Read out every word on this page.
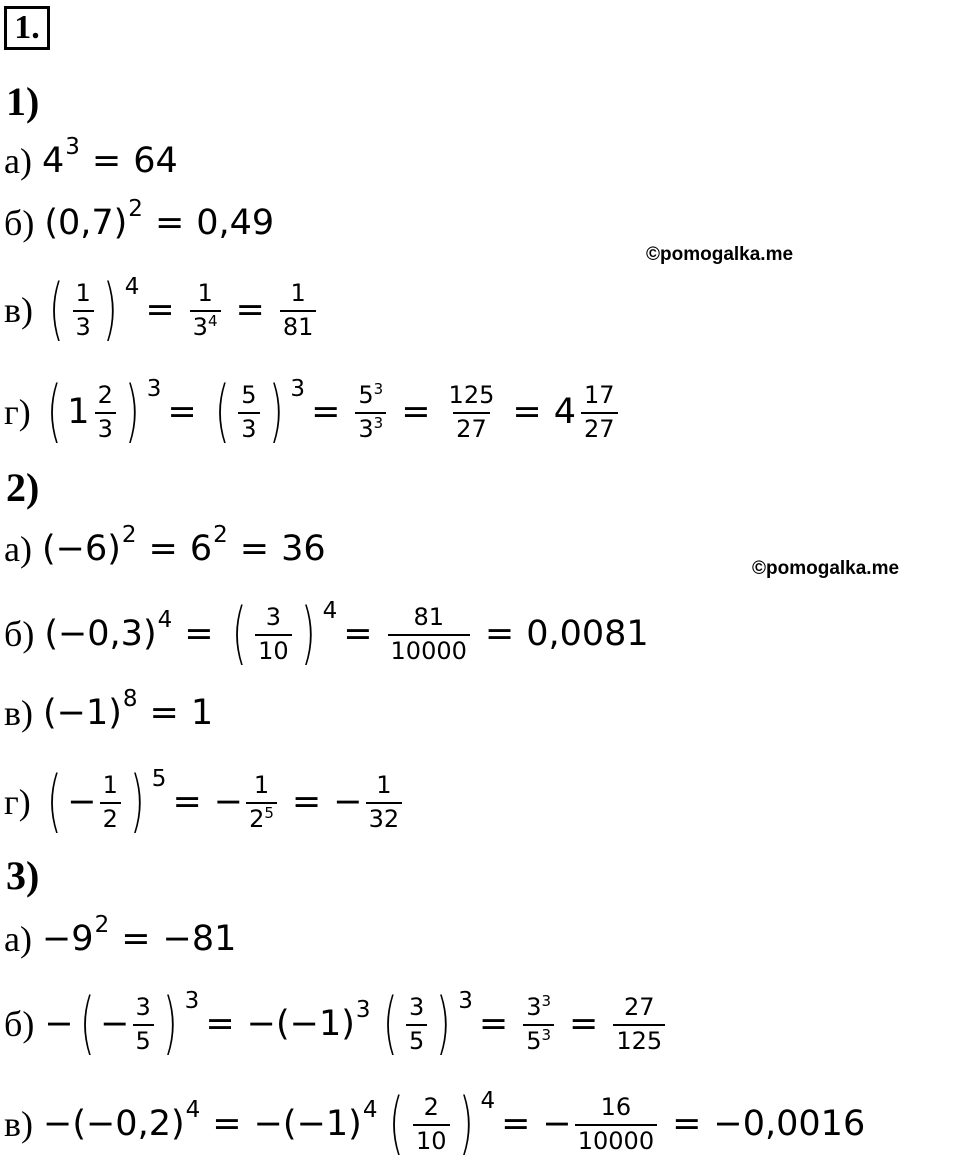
1.
©pomogalka.me
©pomogalka.me
1)
а) $4^3 = 64$
б) $(0,7)^2 = 0,49$
в) ( $\frac{1}{3}$ ) 4
= $\frac{1}{3^4} = \frac{1}{81}$
г) ( $1 \frac{2}{3}$ ) 3
= ( $\frac{5}{3}$ ) 3
= $\frac{5^3}{3^3} = \frac{125}{27} = 4 \frac{17}{27}$
2)
а) $(-6)^2 = 6^2 = 36$
б) $(-0,3)^4$ = ( $\frac{3}{10}$ ) 4
= $\frac{81}{10000} = 0,0081$
в) $(-1)^8 = 1$
г) ( − $\frac{1}{2}$ ) 5
= − $\frac{1}{2^5}$ = − $\frac{1}{32}$
3)
$а) -9^2 = -81$
б) − ( − $\frac{3}{5}$ ) 3
= $-(-1)^3$ ( $\frac{3}{5}$ ) 3
= $\frac{3^3}{5^3} = \frac{27}{125}$
$в) -(-0,2)^4 = -(-1)^4$ ( $\frac{2}{10}$ ) 4
= − $\frac{16}{10000} = -0,0016$
